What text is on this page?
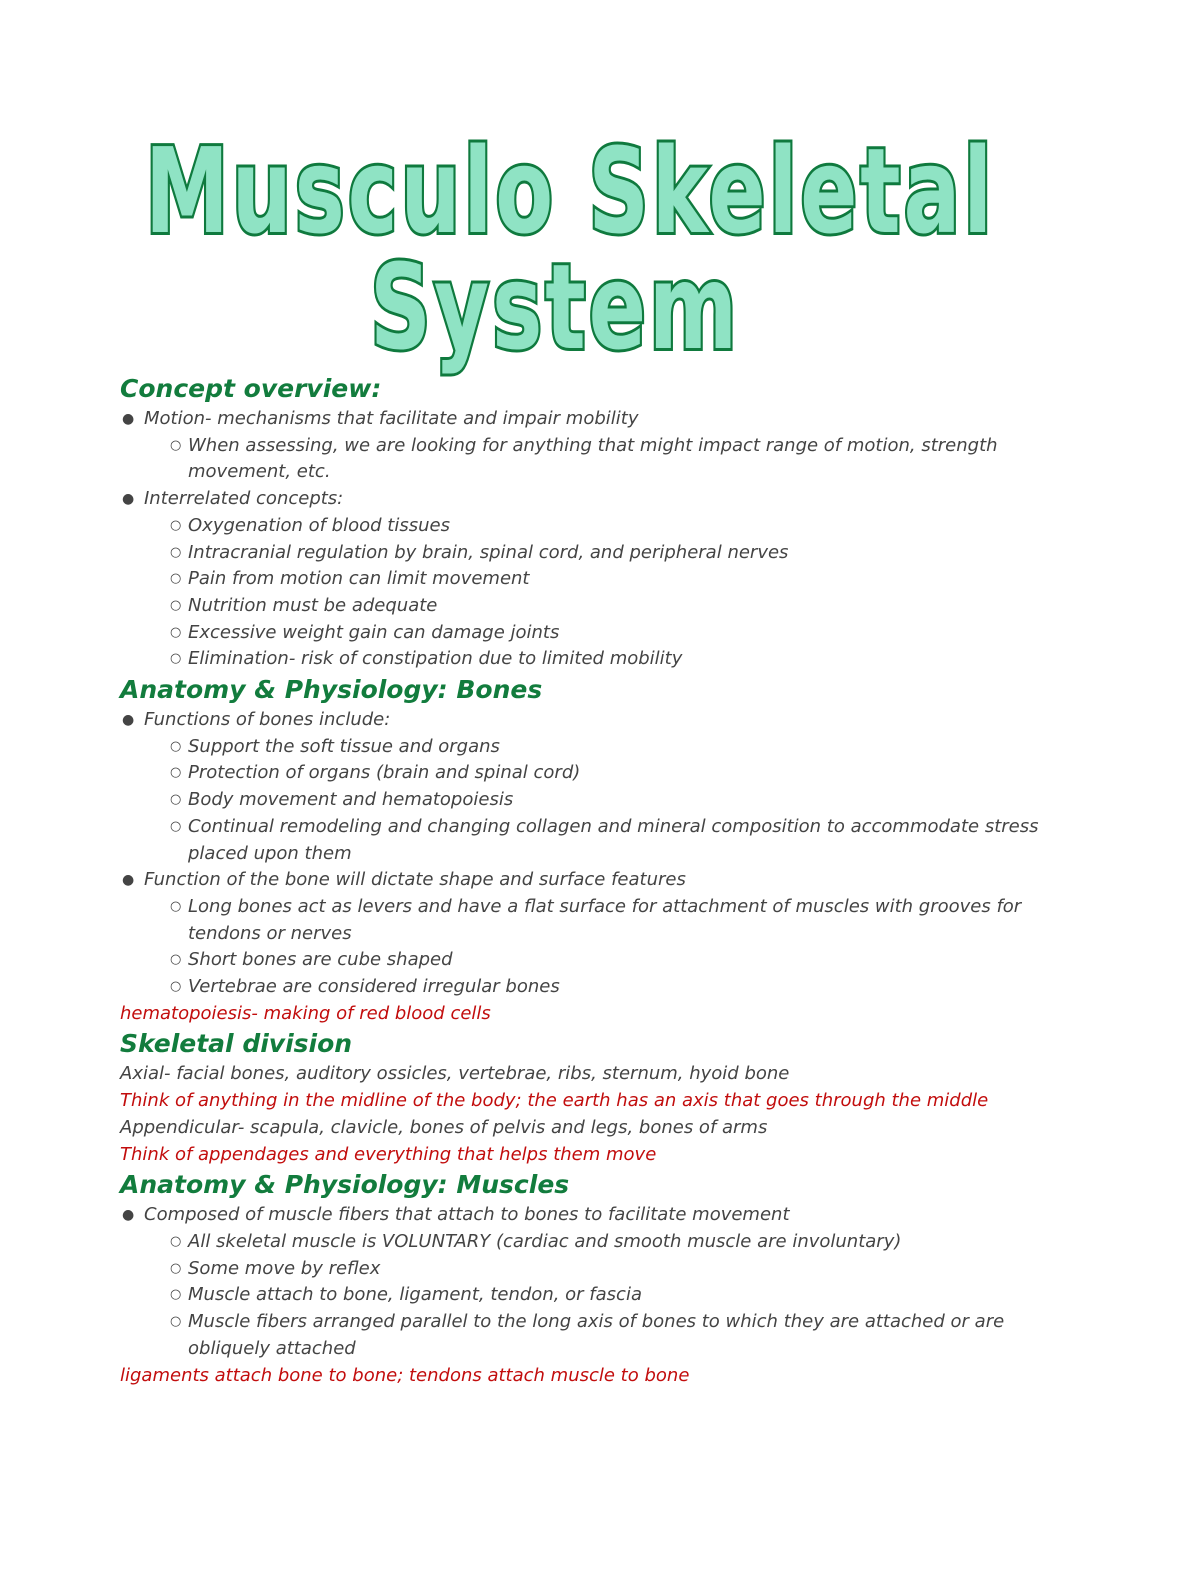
Musculo Skeletal
System

Concept overview:

● Motion- mechanisms that facilitate and impair mobility
○ When assessing, we are looking for anything that might impact range of motion, strength movement, etc.
● Interrelated concepts:
○ Oxygenation of blood tissues
○ Intracranial regulation by brain, spinal cord, and peripheral nerves
○ Pain from motion can limit movement
○ Nutrition must be adequate
○ Excessive weight gain can damage joints
○ Elimination- risk of constipation due to limited mobility

Anatomy & Physiology: Bones

● Functions of bones include:
○ Support the soft tissue and organs
○ Protection of organs (brain and spinal cord)
○ Body movement and hematopoiesis
○ Continual remodeling and changing collagen and mineral composition to accommodate stress placed upon them
● Function of the bone will dictate shape and surface features
○ Long bones act as levers and have a flat surface for attachment of muscles with grooves for tendons or nerves
○ Short bones are cube shaped
○ Vertebrae are considered irregular bones
hematopoiesis- making of red blood cells

Skeletal division

Axial- facial bones, auditory ossicles, vertebrae, ribs, sternum, hyoid bone
Think of anything in the midline of the body; the earth has an axis that goes through the middle
Appendicular- scapula, clavicle, bones of pelvis and legs, bones of arms
Think of appendages and everything that helps them move

Anatomy & Physiology: Muscles

● Composed of muscle fibers that attach to bones to facilitate movement
○ All skeletal muscle is VOLUNTARY (cardiac and smooth muscle are involuntary)
○ Some move by reflex
○ Muscle attach to bone, ligament, tendon, or fascia
○ Muscle fibers arranged parallel to the long axis of bones to which they are attached or are obliquely attached
ligaments attach bone to bone; tendons attach muscle to bone
